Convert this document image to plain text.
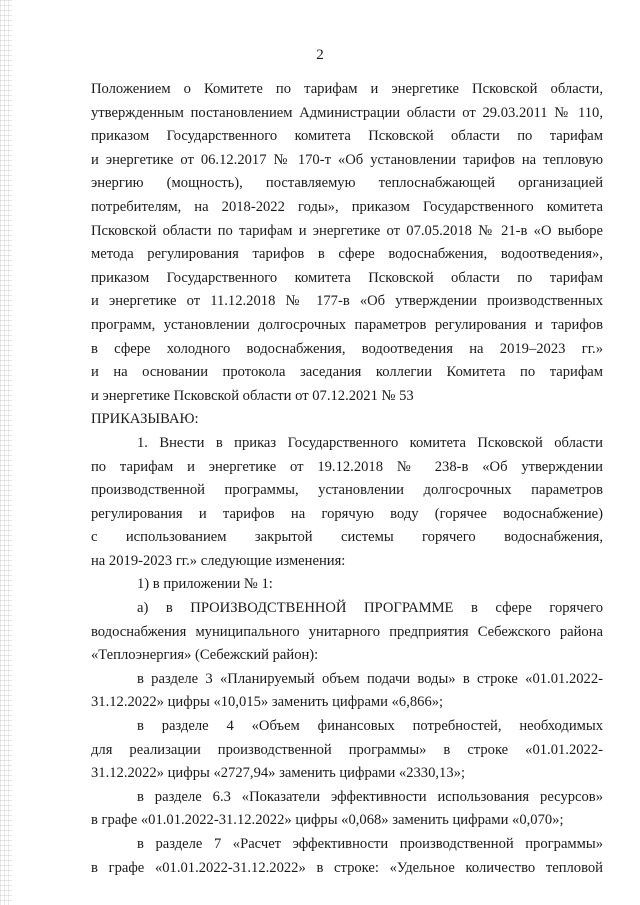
2
Положением о Комитете по тарифам и энергетике Псковской области,
утвержденным постановлением Администрации области от 29.03.2011 № 110,
приказом Государственного комитета Псковской области по тарифам
и энергетике от 06.12.2017 № 170-т «Об установлении тарифов на тепловую
энергию (мощность), поставляемую теплоснабжающей организацией
потребителям, на 2018-2022 годы», приказом Государственного комитета
Псковской области по тарифам и энергетике от 07.05.2018 № 21-в «О выборе
метода регулирования тарифов в сфере водоснабжения, водоотведения»,
приказом Государственного комитета Псковской области по тарифам
и энергетике от 11.12.2018 № 177-в «Об утверждении производственных
программ, установлении долгосрочных параметров регулирования и тарифов
в сфере холодного водоснабжения, водоотведения на 2019–2023 гг.»
и на основании протокола заседания коллегии Комитета по тарифам
и энергетике Псковской области от 07.12.2021 № 53
ПРИКАЗЫВАЮ:
1. Внести в приказ Государственного комитета Псковской области
по тарифам и энергетике от 19.12.2018 № 238-в «Об утверждении
производственной программы, установлении долгосрочных параметров
регулирования и тарифов на горячую воду (горячее водоснабжение)
с использованием закрытой системы горячего водоснабжения,
на 2019-2023 гг.» следующие изменения:
1) в приложении № 1:
а) в ПРОИЗВОДСТВЕННОЙ ПРОГРАММЕ в сфере горячего
водоснабжения муниципального унитарного предприятия Себежского района
«Теплоэнергия» (Себежский район):
в разделе 3 «Планируемый объем подачи воды» в строке «01.01.2022-
31.12.2022» цифры «10,015» заменить цифрами «6,866»;
в разделе 4 «Объем финансовых потребностей, необходимых
для реализации производственной программы» в строке «01.01.2022-
31.12.2022» цифры «2727,94» заменить цифрами «2330,13»;
в разделе 6.3 «Показатели эффективности использования ресурсов»
в графе «01.01.2022-31.12.2022» цифры «0,068» заменить цифрами «0,070»;
в разделе 7 «Расчет эффективности производственной программы»
в графе «01.01.2022-31.12.2022» в строке: «Удельное количество тепловой
